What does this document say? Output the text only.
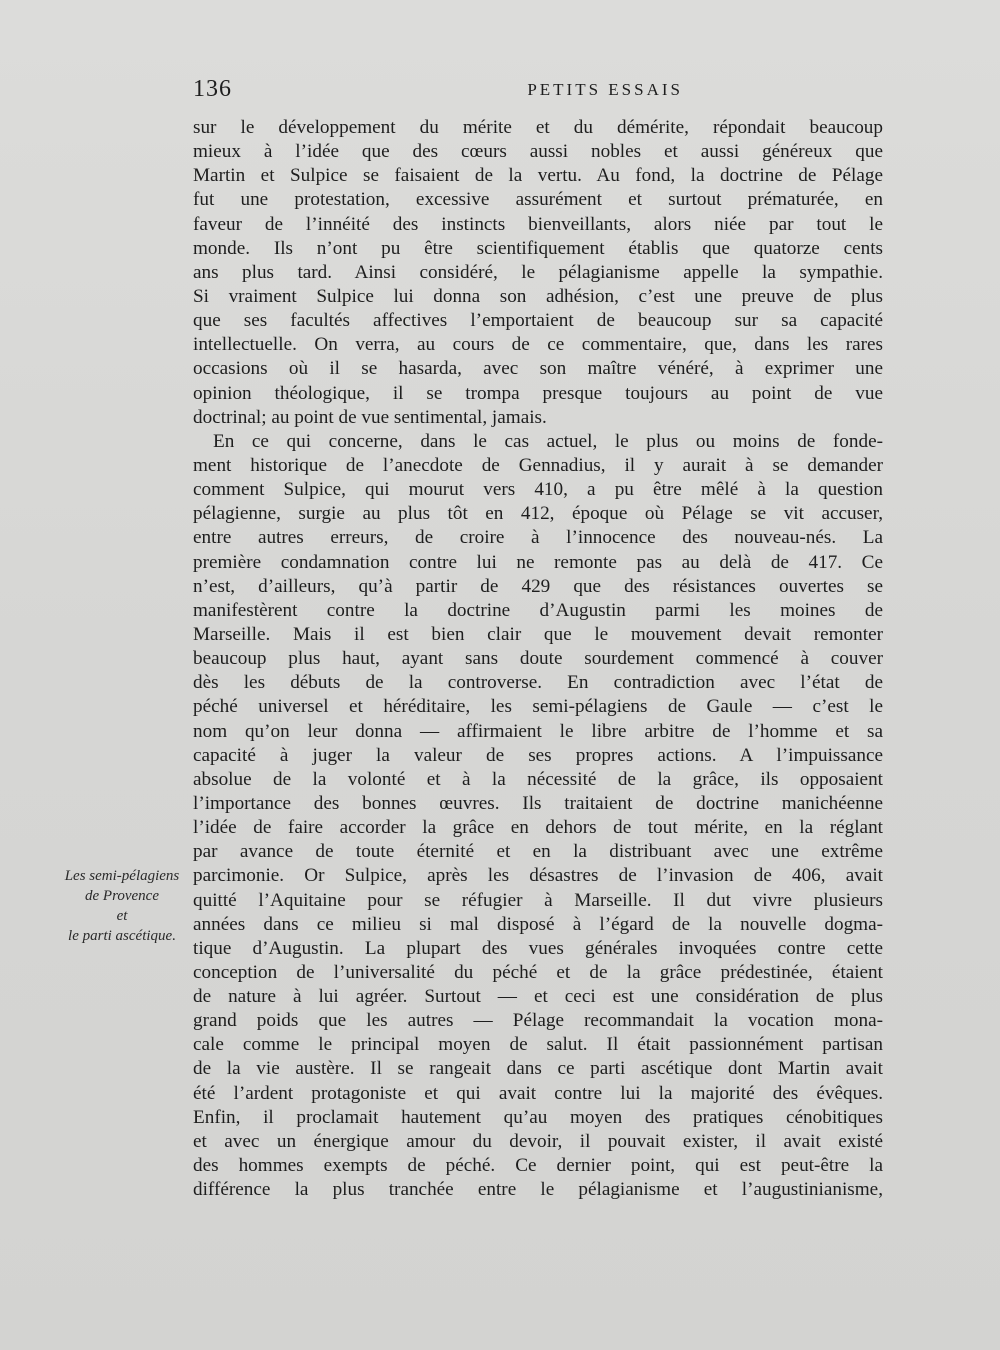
136	PETITS ESSAIS
Les semi-pélagiens
de Provence
et
le parti ascétique.
sur le développement du mérite et du démérite, répondait beaucoup
mieux à l’idée que des cœurs aussi nobles et aussi généreux que
Martin et Sulpice se faisaient de la vertu. Au fond, la doctrine de Pélage
fut une protestation, excessive assurément et surtout prématurée, en
faveur de l’innéité des instincts bienveillants, alors niée par tout le
monde. Ils n’ont pu être scientifiquement établis que quatorze cents
ans plus tard. Ainsi considéré, le pélagianisme appelle la sympathie.
Si vraiment Sulpice lui donna son adhésion, c’est une preuve de plus
que ses facultés affectives l’emportaient de beaucoup sur sa capacité
intellectuelle. On verra, au cours de ce commentaire, que, dans les rares
occasions où il se hasarda, avec son maître vénéré, à exprimer une
opinion théologique, il se trompa presque toujours au point de vue
doctrinal; au point de vue sentimental, jamais.
En ce qui concerne, dans le cas actuel, le plus ou moins de fonde-
ment historique de l’anecdote de Gennadius, il y aurait à se demander
comment Sulpice, qui mourut vers 410, a pu être mêlé à la question
pélagienne, surgie au plus tôt en 412, époque où Pélage se vit accuser,
entre autres erreurs, de croire à l’innocence des nouveau-nés. La
première condamnation contre lui ne remonte pas au delà de 417. Ce
n’est, d’ailleurs, qu’à partir de 429 que des résistances ouvertes se
manifestèrent contre la doctrine d’Augustin parmi les moines de
Marseille. Mais il est bien clair que le mouvement devait remonter
beaucoup plus haut, ayant sans doute sourdement commencé à couver
dès les débuts de la controverse. En contradiction avec l’état de
péché universel et héréditaire, les semi-pélagiens de Gaule — c’est le
nom qu’on leur donna — affirmaient le libre arbitre de l’homme et sa
capacité à juger la valeur de ses propres actions. A l’impuissance
absolue de la volonté et à la nécessité de la grâce, ils opposaient
l’importance des bonnes œuvres. Ils traitaient de doctrine manichéenne
l’idée de faire accorder la grâce en dehors de tout mérite, en la réglant
par avance de toute éternité et en la distribuant avec une extrême
parcimonie. Or Sulpice, après les désastres de l’invasion de 406, avait
quitté l’Aquitaine pour se réfugier à Marseille. Il dut vivre plusieurs
années dans ce milieu si mal disposé à l’égard de la nouvelle dogma-
tique d’Augustin. La plupart des vues générales invoquées contre cette
conception de l’universalité du péché et de la grâce prédestinée, étaient
de nature à lui agréer. Surtout — et ceci est une considération de plus
grand poids que les autres — Pélage recommandait la vocation mona-
cale comme le principal moyen de salut. Il était passionnément partisan
de la vie austère. Il se rangeait dans ce parti ascétique dont Martin avait
été l’ardent protagoniste et qui avait contre lui la majorité des évêques.
Enfin, il proclamait hautement qu’au moyen des pratiques cénobitiques
et avec un énergique amour du devoir, il pouvait exister, il avait existé
des hommes exempts de péché. Ce dernier point, qui est peut-être la
différence la plus tranchée entre le pélagianisme et l’augustinianisme,
